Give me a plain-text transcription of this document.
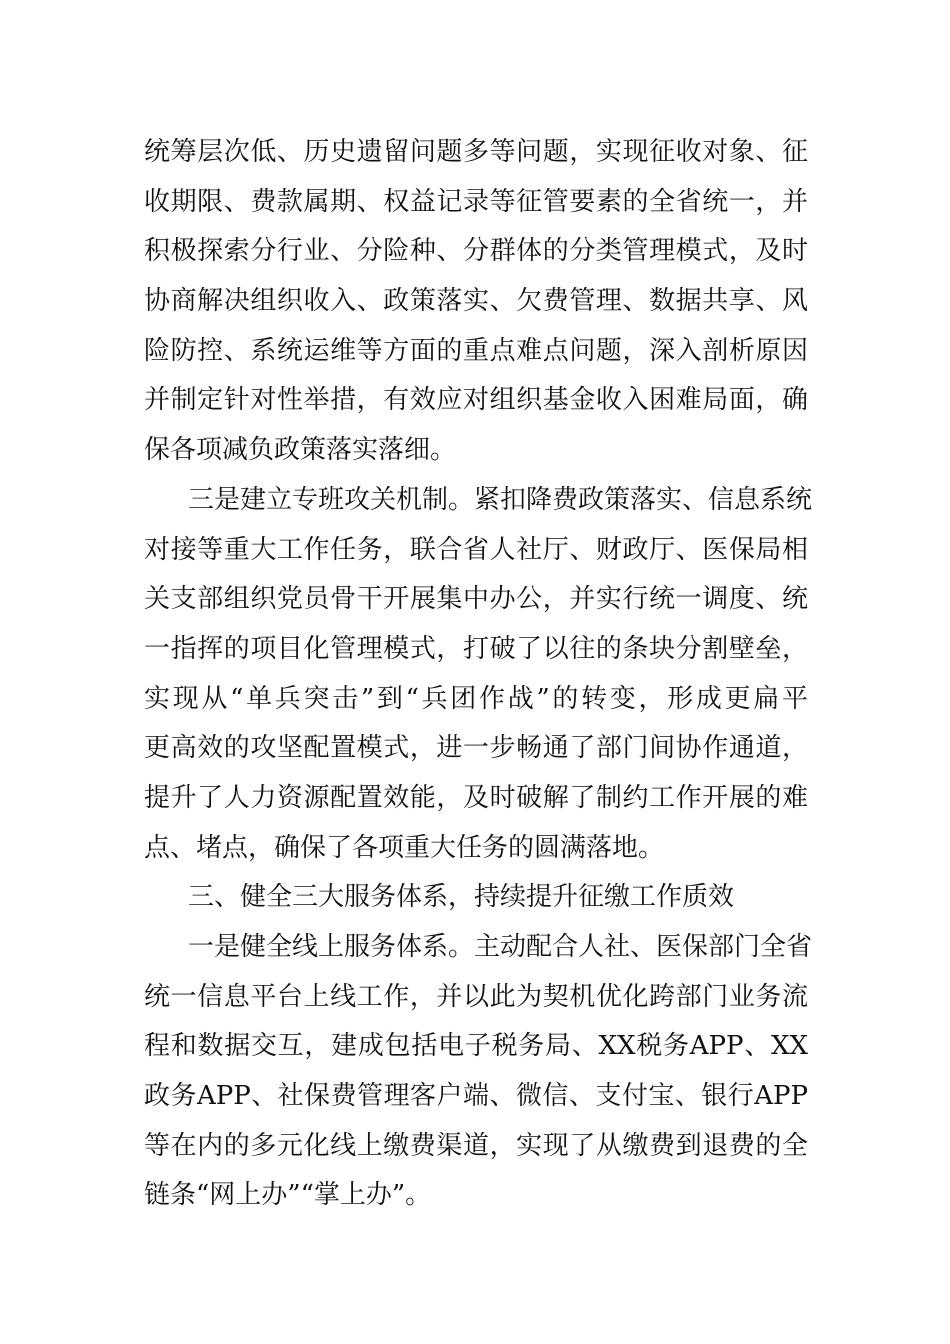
统筹层次低、历史遗留问题多等问题，实现征收对象、征
收期限、费款属期、权益记录等征管要素的全省统一，并
积极探索分行业、分险种、分群体的分类管理模式，及时
协商解决组织收入、政策落实、欠费管理、数据共享、风
险防控、系统运维等方面的重点难点问题，深入剖析原因
并制定针对性举措，有效应对组织基金收入困难局面，确
保各项减负政策落实落细。
三是建立专班攻关机制。紧扣降费政策落实、信息系统
对接等重大工作任务，联合省人社厅、财政厅、医保局相
关支部组织党员骨干开展集中办公，并实行统一调度、统
一指挥的项目化管理模式，打破了以往的条块分割壁垒，
实现从“单兵突击”到“兵团作战”的转变，形成更扁平
更高效的攻坚配置模式，进一步畅通了部门间协作通道，
提升了人力资源配置效能，及时破解了制约工作开展的难
点、堵点，确保了各项重大任务的圆满落地。
三、健全三大服务体系，持续提升征缴工作质效
一是健全线上服务体系。主动配合人社、医保部门全省
统一信息平台上线工作，并以此为契机优化跨部门业务流
程和数据交互，建成包括电子税务局、XX税务APP、XX
政务APP、社保费管理客户端、微信、支付宝、银行APP
等在内的多元化线上缴费渠道，实现了从缴费到退费的全
链条“网上办”“掌上办”。
